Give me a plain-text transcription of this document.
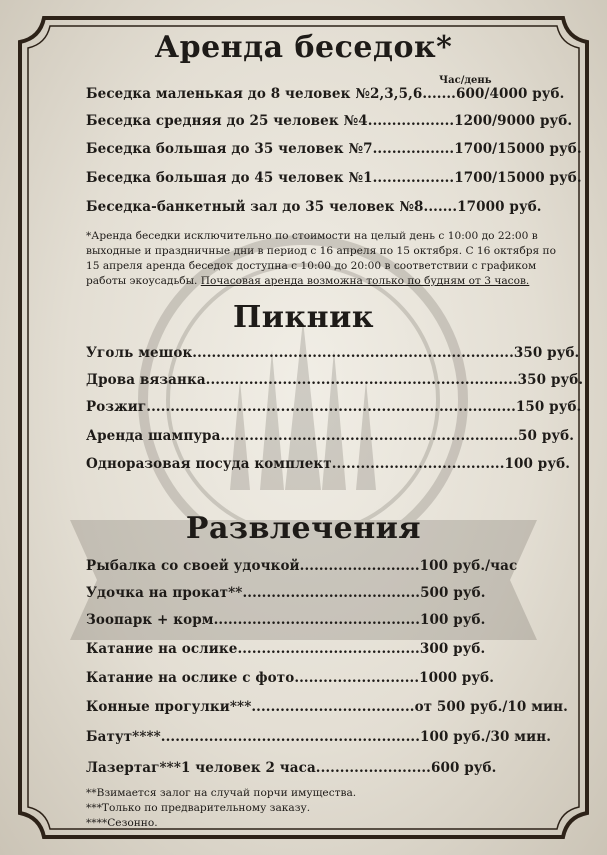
Аренда беседок*
Час/день
Беседка маленькая до 8 человек №2,3,5,6.......600/4000 руб.
Беседка средняя до 25 человек №4..................1200/9000 руб.
Беседка большая до 35 человек №7.................1700/15000 руб.
Беседка большая до 45 человек №1.................1700/15000 руб.
Беседка-банкетный зал до 35 человек №8.......17000 руб.
*Аренда беседки исключительно по стоимости на целый день с 10:00 до 22:00 в выходные и праздничные дни в период с 16 апреля по 15 октября. С 16 октября по 15 апреля аренда беседок доступна с 10:00 до 20:00 в соответствии с графиком работы экоусадьбы. Почасовая аренда возможна только по будням от 3 часов.
Пикник
Уголь мешок...................................................................350 руб.
Дрова вязанка.................................................................350 руб.
Розжиг.............................................................................150 руб.
Аренда шампура..............................................................50 руб.
Одноразовая посуда комплект....................................100 руб.
Развлечения
Рыбалка со своей удочкой.........................100 руб./час
Удочка на прокат**.....................................500 руб.
Зоопарк + корм...........................................100 руб.
Катание на ослике......................................300 руб.
Катание на ослике с фото..........................1000 руб.
Конные прогулки***..................................от 500 руб./10 мин.
Батут****......................................................100 руб./30 мин.
Лазертаг***1 человек 2 часа........................600 руб.
**Взимается залог на случай порчи имущества.
***Только по предварительному заказу.
****Сезонно.
